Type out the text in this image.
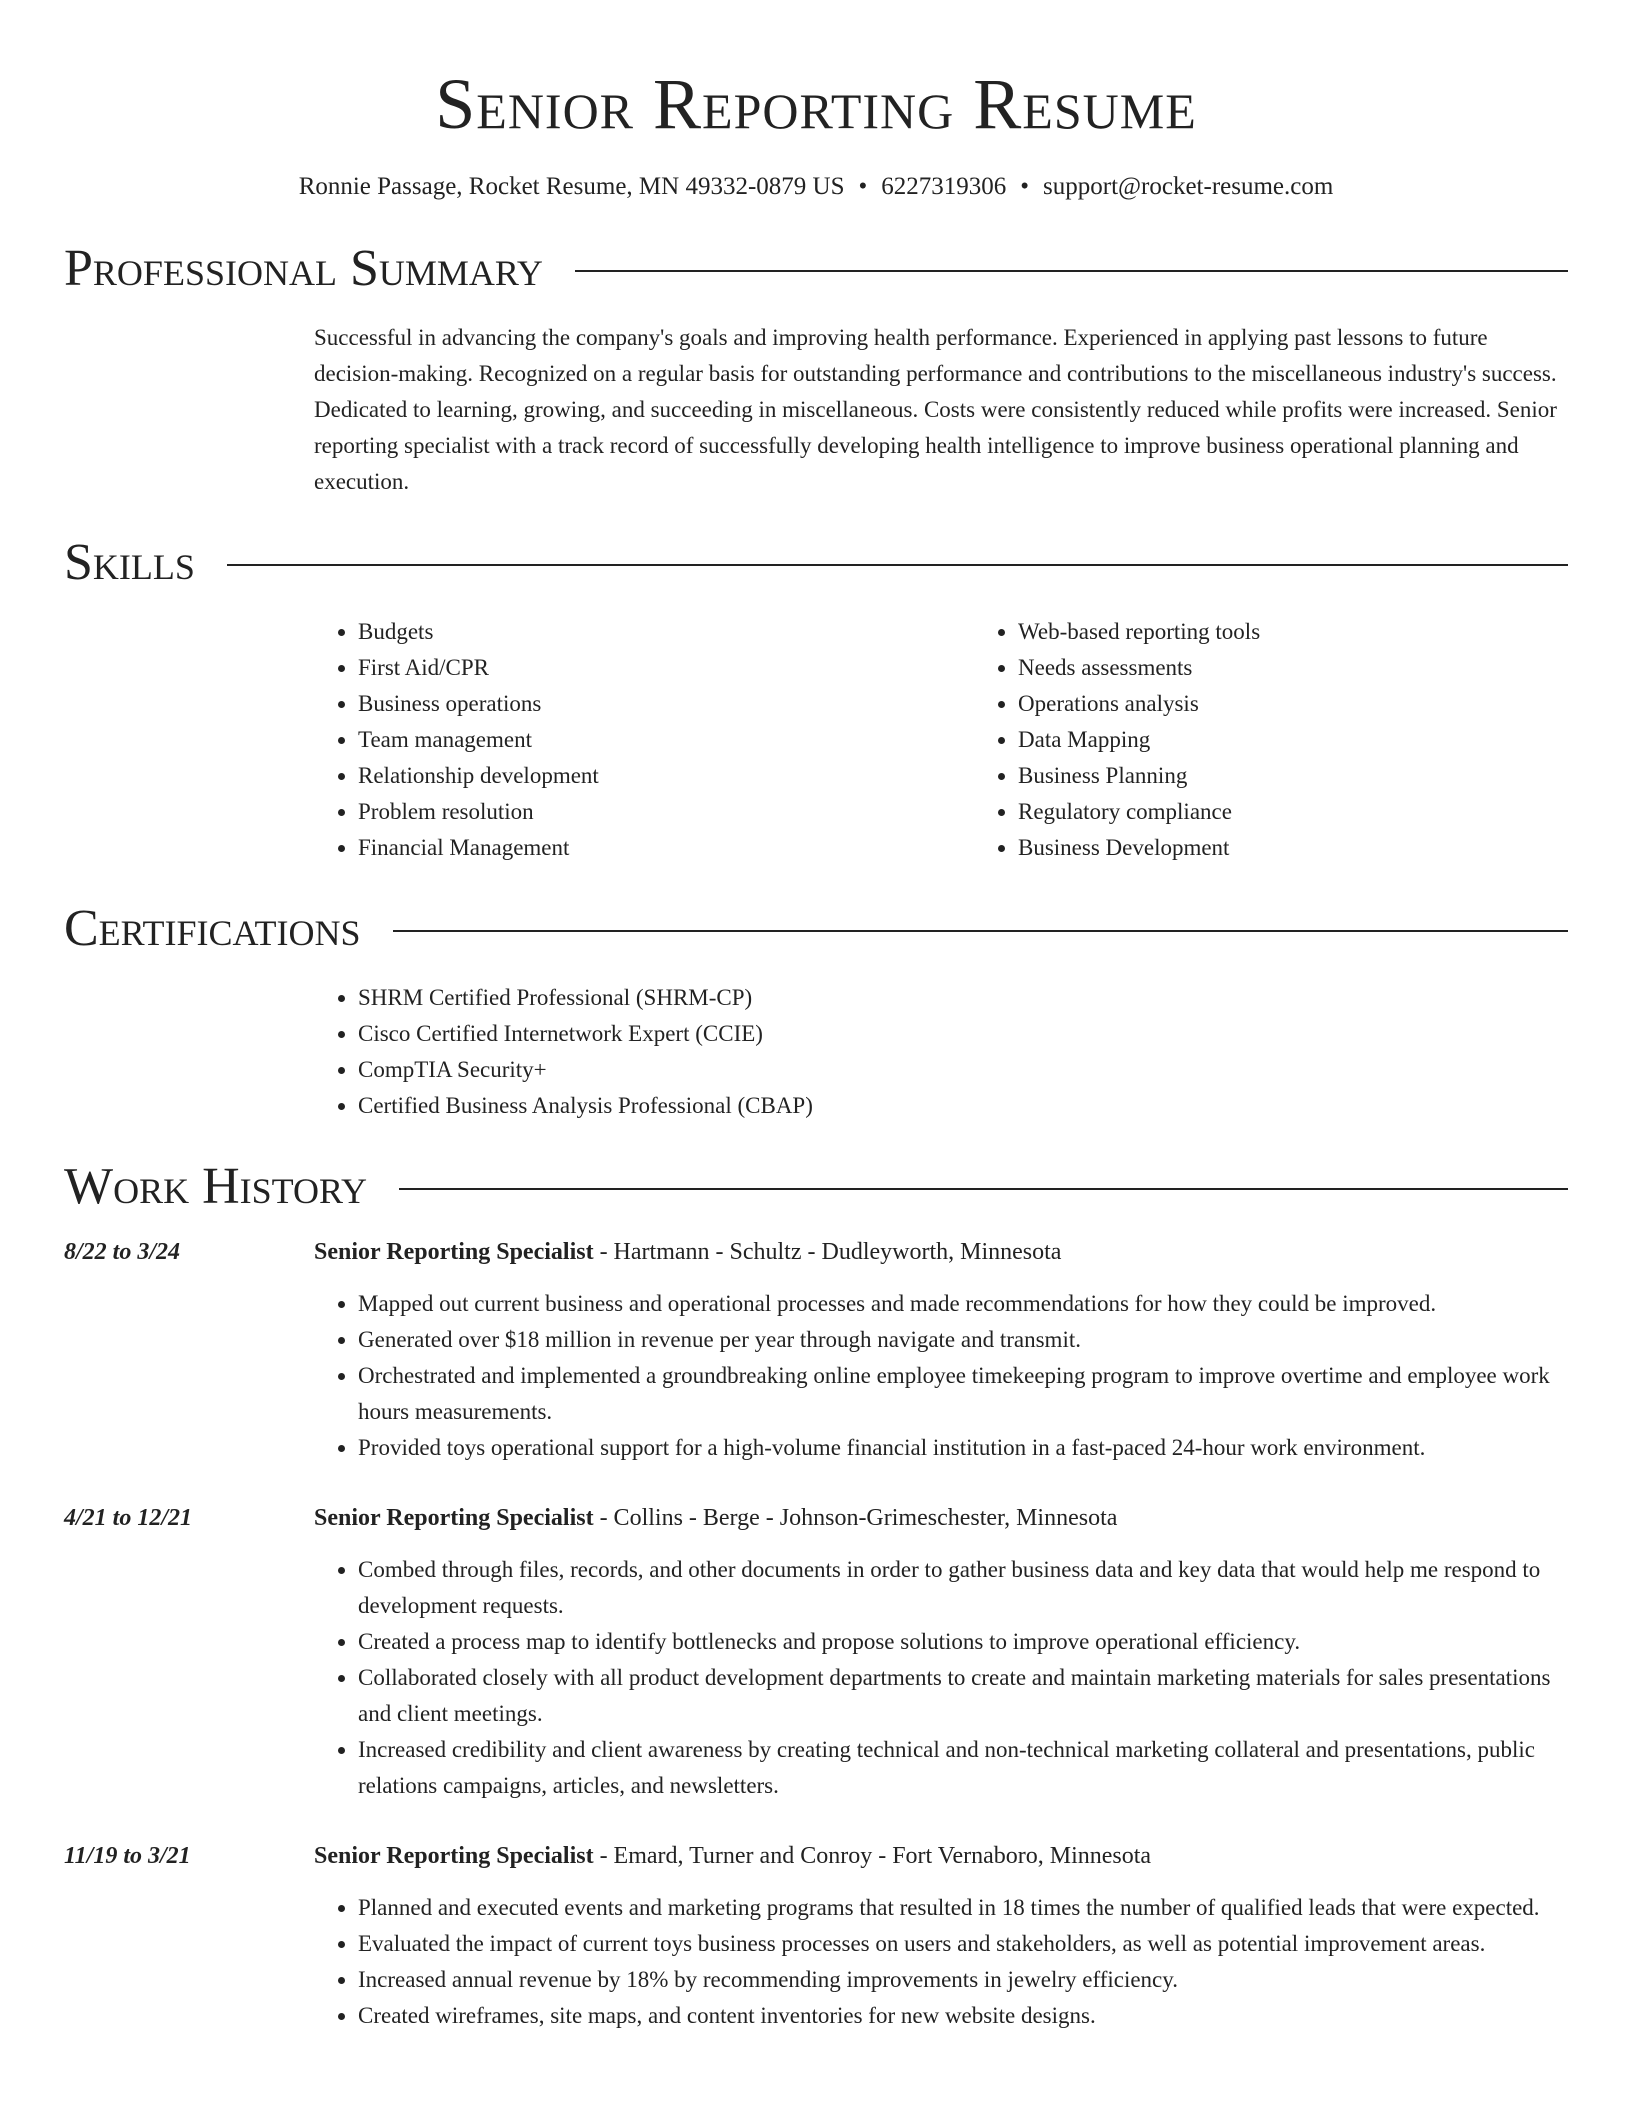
Senior Reporting Resume
Ronnie Passage, Rocket Resume, MN 49332-0879 US • 6227319306 • support@rocket-resume.com
Professional Summary

Successful in advancing the company's goals and improving health performance. Experienced in applying past lessons to future decision-making. Recognized on a regular basis for outstanding performance and contributions to the miscellaneous industry's success. Dedicated to learning, growing, and succeeding in miscellaneous. Costs were consistently reduced while profits were increased. Senior reporting specialist with a track record of successfully developing health intelligence to improve business operational planning and execution.

Skills
• Budgets
• First Aid/CPR
• Business operations
• Team management
• Relationship development
• Problem resolution
• Financial Management
• Web-based reporting tools
• Needs assessments
• Operations analysis
• Data Mapping
• Business Planning
• Regulatory compliance
• Business Development
Certifications
• SHRM Certified Professional (SHRM-CP)
• Cisco Certified Internetwork Expert (CCIE)
• CompTIA Security+
• Certified Business Analysis Professional (CBAP)
Work History
8/22 to 3/24	Senior Reporting Specialist - Hartmann - Schultz - Dudleyworth, Minnesota
• Mapped out current business and operational processes and made recommendations for how they could be improved.
• Generated over $18 million in revenue per year through navigate and transmit.
• Orchestrated and implemented a groundbreaking online employee timekeeping program to improve overtime and employee work hours measurements.
• Provided toys operational support for a high-volume financial institution in a fast-paced 24-hour work environment.
4/21 to 12/21	Senior Reporting Specialist - Collins - Berge - Johnson-Grimeschester, Minnesota
• Combed through files, records, and other documents in order to gather business data and key data that would help me respond to development requests.
• Created a process map to identify bottlenecks and propose solutions to improve operational efficiency.
• Collaborated closely with all product development departments to create and maintain marketing materials for sales presentations and client meetings.
• Increased credibility and client awareness by creating technical and non-technical marketing collateral and presentations, public relations campaigns, articles, and newsletters.
11/19 to 3/21	Senior Reporting Specialist - Emard, Turner and Conroy - Fort Vernaboro, Minnesota
• Planned and executed events and marketing programs that resulted in 18 times the number of qualified leads that were expected.
• Evaluated the impact of current toys business processes on users and stakeholders, as well as potential improvement areas.
• Increased annual revenue by 18% by recommending improvements in jewelry efficiency.
• Created wireframes, site maps, and content inventories for new website designs.
